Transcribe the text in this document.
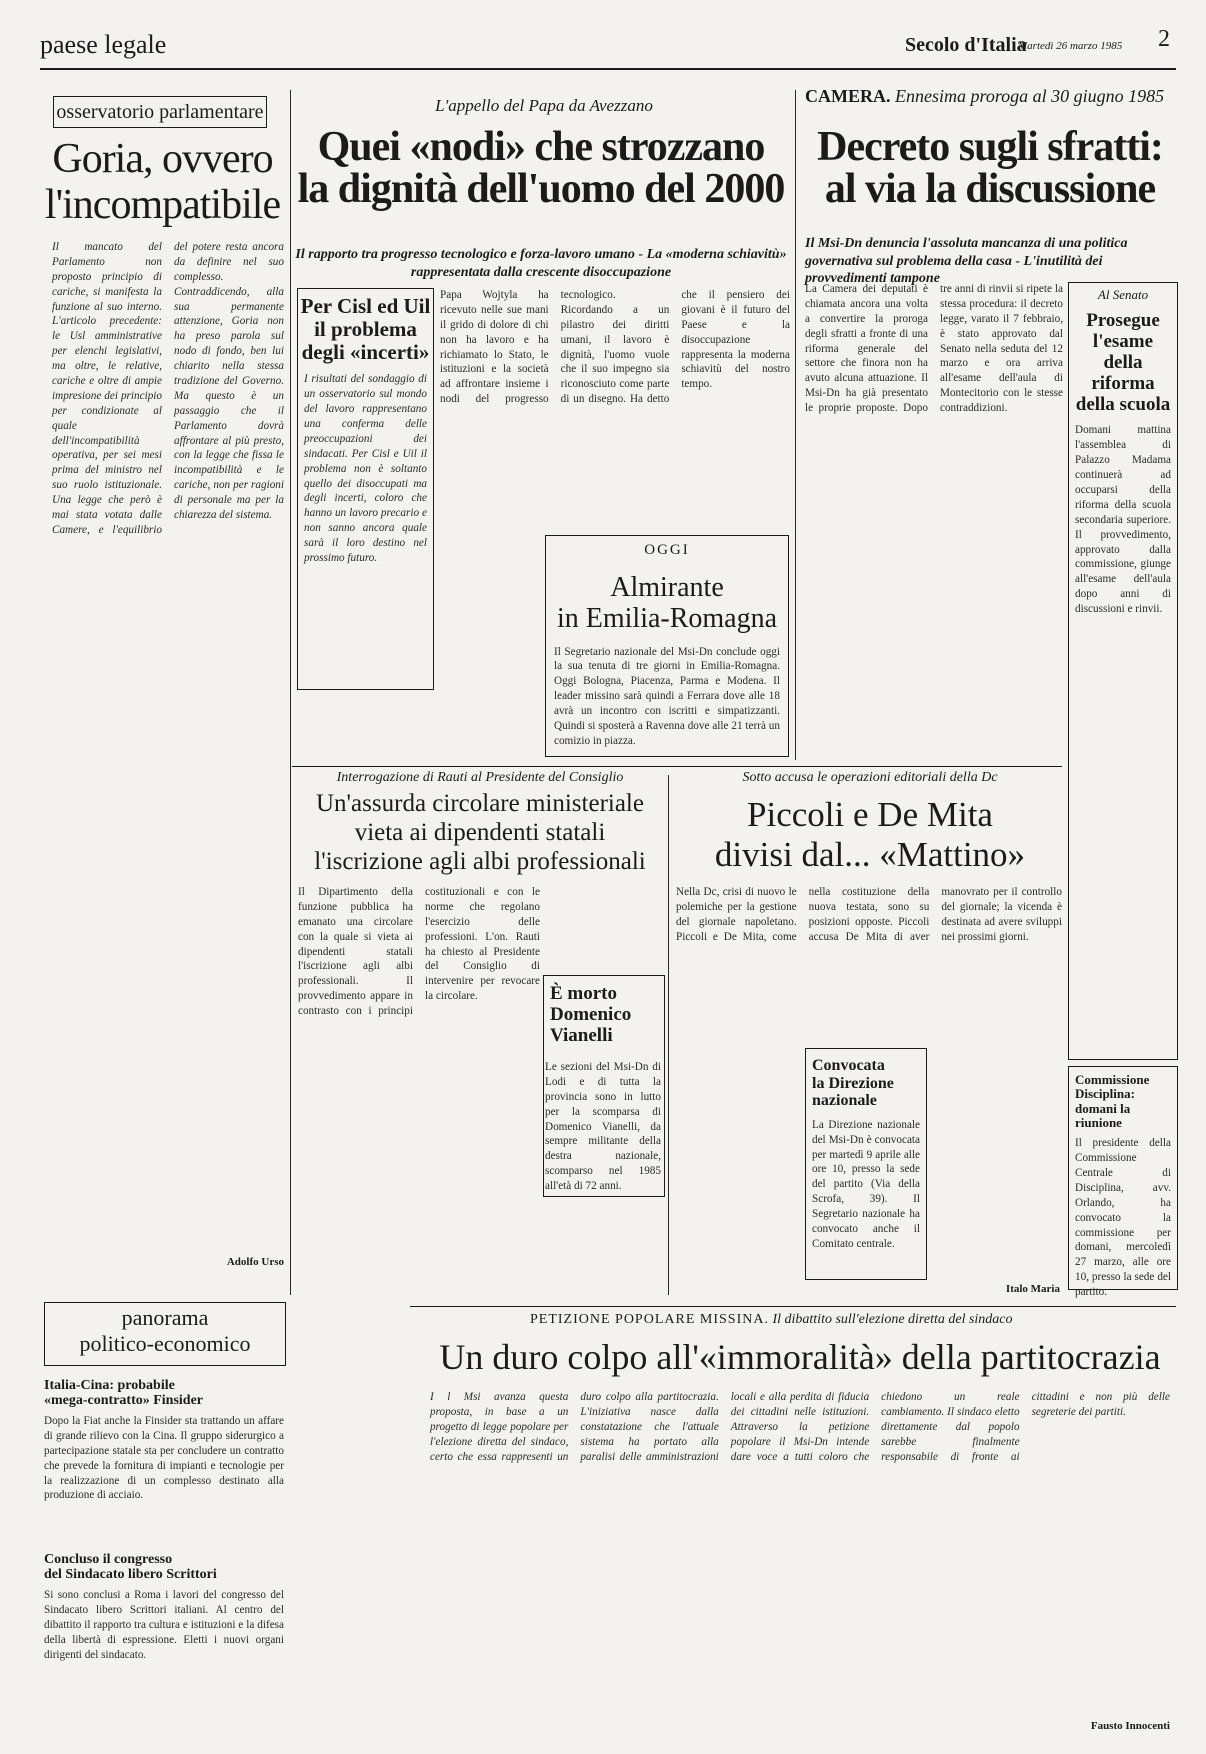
paese legale	Secolo d'Italia
Martedì 26 marzo 1985 2
osservatorio parlamentare
Goria, ovvero
l'incompatibile
Il mancato del Parlamento non proposto principio di cariche, si manifesta la funzione al suo interno. L'articolo precedente: le Usl amministrative per elenchi legislativi, ma oltre, le relative, cariche e oltre di ampie impresione dei principio per condizionate al quale dell'incompatibilità operativa, per sei mesi prima del ministro nel suo ruolo istituzionale. Una legge che però è mai stata votata dalle Camere, e l'equilibrio del potere resta ancora da definire nel suo complesso. Contraddicendo, alla sua permanente attenzione, Goria non ha preso parola sul nodo di fondo, ben lui chiarito nella stessa tradizione del Governo. Ma questo è un passaggio che il Parlamento dovrà affrontare al più presto, con la legge che fissa le incompatibilità e le cariche, non per ragioni di personale ma per la chiarezza del sistema.
Adolfo Urso
L'appello del Papa da Avezzano
Quei «nodi» che strozzano
la dignità dell'uomo del 2000
Il rapporto tra progresso tecnologico e forza-lavoro umano - La «moderna schiavitù» rappresentata dalla crescente disoccupazione
Per Cisl ed Uil
il problema
degli «incerti»
I risultati del sondaggio di un osservatorio sul mondo del lavoro rappresentano una conferma delle preoccupazioni dei sindacati. Per Cisl e Uil il problema non è soltanto quello dei disoccupati ma degli incerti, coloro che hanno un lavoro precario e non sanno ancora quale sarà il loro destino nel prossimo futuro.
Papa Wojtyla ha ricevuto nelle sue mani il grido di dolore di chi non ha lavoro e ha richiamato lo Stato, le istituzioni e la società ad affrontare insieme i nodi del progresso tecnologico. Ricordando a un pilastro dei diritti umani, il lavoro è dignità, l'uomo vuole che il suo impegno sia riconosciuto come parte di un disegno. Ha detto che il pensiero dei giovani è il futuro del Paese e la disoccupazione rappresenta la moderna schiavitù del nostro tempo.
OGGI
Almirante
in Emilia-Romagna
Il Segretario nazionale del Msi-Dn conclude oggi la sua tenuta di tre giorni in Emilia-Romagna. Oggi Bologna, Piacenza, Parma e Modena. Il leader missino sarà quindi a Ferrara dove alle 18 avrà un incontro con iscritti e simpatizzanti. Quindi si sposterà a Ravenna dove alle 21 terrà un comizio in piazza.
CAMERA. Ennesima proroga al 30 giugno 1985
Decreto sugli sfratti:
al via la discussione
Il Msi-Dn denuncia l'assoluta mancanza di una politica governativa sul problema della casa - L'inutilità dei provvedimenti tampone
La Camera dei deputati è chiamata ancora una volta a convertire la proroga degli sfratti a fronte di una riforma generale del settore che finora non ha avuto alcuna attuazione. Il Msi-Dn ha già presentato le proprie proposte. Dopo tre anni di rinvii si ripete la stessa procedura: il decreto legge, varato il 7 febbraio, è stato approvato dal Senato nella seduta del 12 marzo e ora arriva all'esame dell'aula di Montecitorio con le stesse contraddizioni.
Al Senato
Prosegue l'esame della riforma della scuola
Domani mattina l'assemblea di Palazzo Madama continuerà ad occuparsi della riforma della scuola secondaria superiore. Il provvedimento, approvato dalla commissione, giunge all'esame dell'aula dopo anni di discussioni e rinvii.
Interrogazione di Rauti al Presidente del Consiglio
Un'assurda circolare ministeriale
vieta ai dipendenti statali
l'iscrizione agli albi professionali
Il Dipartimento della funzione pubblica ha emanato una circolare con la quale si vieta ai dipendenti statali l'iscrizione agli albi professionali. Il provvedimento appare in contrasto con i principi costituzionali e con le norme che regolano l'esercizio delle professioni. L'on. Rauti ha chiesto al Presidente del Consiglio di intervenire per revocare la circolare.	È morto
Domenico
Vianelli
Le sezioni del Msi-Dn di Lodi e di tutta la provincia sono in lutto per la scomparsa di Domenico Vianelli, da sempre militante della destra nazionale, scomparso nel 1985 all'età di 72 anni.
Sotto accusa le operazioni editoriali della Dc
Piccoli e De Mita
divisi dal... «Mattino»
Nella Dc, crisi di nuovo le polemiche per la gestione del giornale napoletano. Piccoli e De Mita, come nella costituzione della nuova testata, sono su posizioni opposte. Piccoli accusa De Mita di aver manovrato per il controllo del giornale; la vicenda è destinata ad avere sviluppi nei prossimi giorni.
Italo Maria
Convocata
la Direzione
nazionale
La Direzione nazionale del Msi-Dn è convocata per martedì 9 aprile alle ore 10, presso la sede del partito (Via della Scrofa, 39). Il Segretario nazionale ha convocato anche il Comitato centrale.
Commissione Disciplina: domani la riunione
Il presidente della Commissione Centrale di Disciplina, avv. Orlando, ha convocato la commissione per domani, mercoledì 27 marzo, alle ore 10, presso la sede del partito.
panorama
politico-economico
Italia-Cina: probabile
«mega-contratto» Finsider
Dopo la Fiat anche la Finsider sta trattando un affare di grande rilievo con la Cina. Il gruppo siderurgico a partecipazione statale sta per concludere un contratto che prevede la fornitura di impianti e tecnologie per la realizzazione di un complesso destinato alla produzione di acciaio.
Concluso il congresso
del Sindacato libero Scrittori
Si sono conclusi a Roma i lavori del congresso del Sindacato libero Scrittori italiani. Al centro del dibattito il rapporto tra cultura e istituzioni e la difesa della libertà di espressione. Eletti i nuovi organi dirigenti del sindacato.
PETIZIONE POPOLARE MISSINA. Il dibattito sull'elezione diretta del sindaco
Un duro colpo all'«immoralità» della partitocrazia
I l Msi avanza questa proposta, in base a un progetto di legge popolare per l'elezione diretta del sindaco, certo che essa rappresenti un duro colpo alla partitocrazia. L'iniziativa nasce dalla constatazione che l'attuale sistema ha portato alla paralisi delle amministrazioni locali e alla perdita di fiducia dei cittadini nelle istituzioni. Attraverso la petizione popolare il Msi-Dn intende dare voce a tutti coloro che chiedono un reale cambiamento. Il sindaco eletto direttamente dal popolo sarebbe finalmente responsabile di fronte ai cittadini e non più delle segreterie dei partiti.
Fausto Innocenti
